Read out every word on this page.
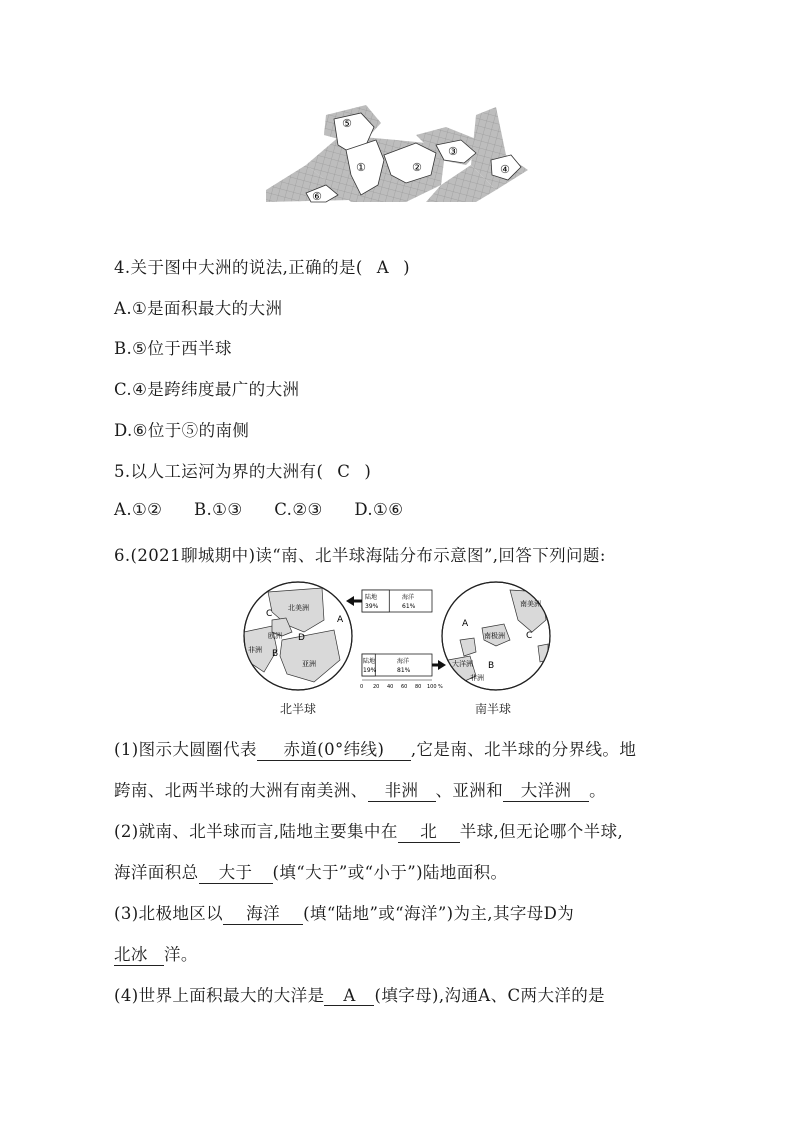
⑤
①	②
③
④
⑥
4.关于图中大洲的说法,正确的是( A )
A.①是面积最大的大洲
B.⑤位于西半球
C.④是跨纬度最广的大洲
D.⑥位于⑤的南侧
5.以人工运河为界的大洲有( C )
A.①② B.①③ C.②③ D.①⑥
6.(2021聊城期中)读“南、北半球海陆分布示意图”,回答下列问题:
北美洲
欧洲
非洲
亚洲
A
B
C
D
陆地
39%
海洋
61%
陆地
19%
海洋
81%
0 20 40 60 80 100 %
南美洲
南极洲
大洋洲
非洲
A
B
C
北半球	南半球
(1)图示大圆圈代表 赤道(0°纬线) ,它是南、北半球的分界线。地
跨南、北两半球的大洲有南美洲、 非洲 、亚洲和 大洋洲 。
(2)就南、北半球而言,陆地主要集中在 北 半球,但无论哪个半球,
海洋面积总 大于 (填“大于”或“小于”)陆地面积。
(3)北极地区以 海洋 (填“陆地”或“海洋”)为主,其字母D为
北冰 洋。
(4)世界上面积最大的大洋是 A (填字母),沟通A、C两大洋的是
